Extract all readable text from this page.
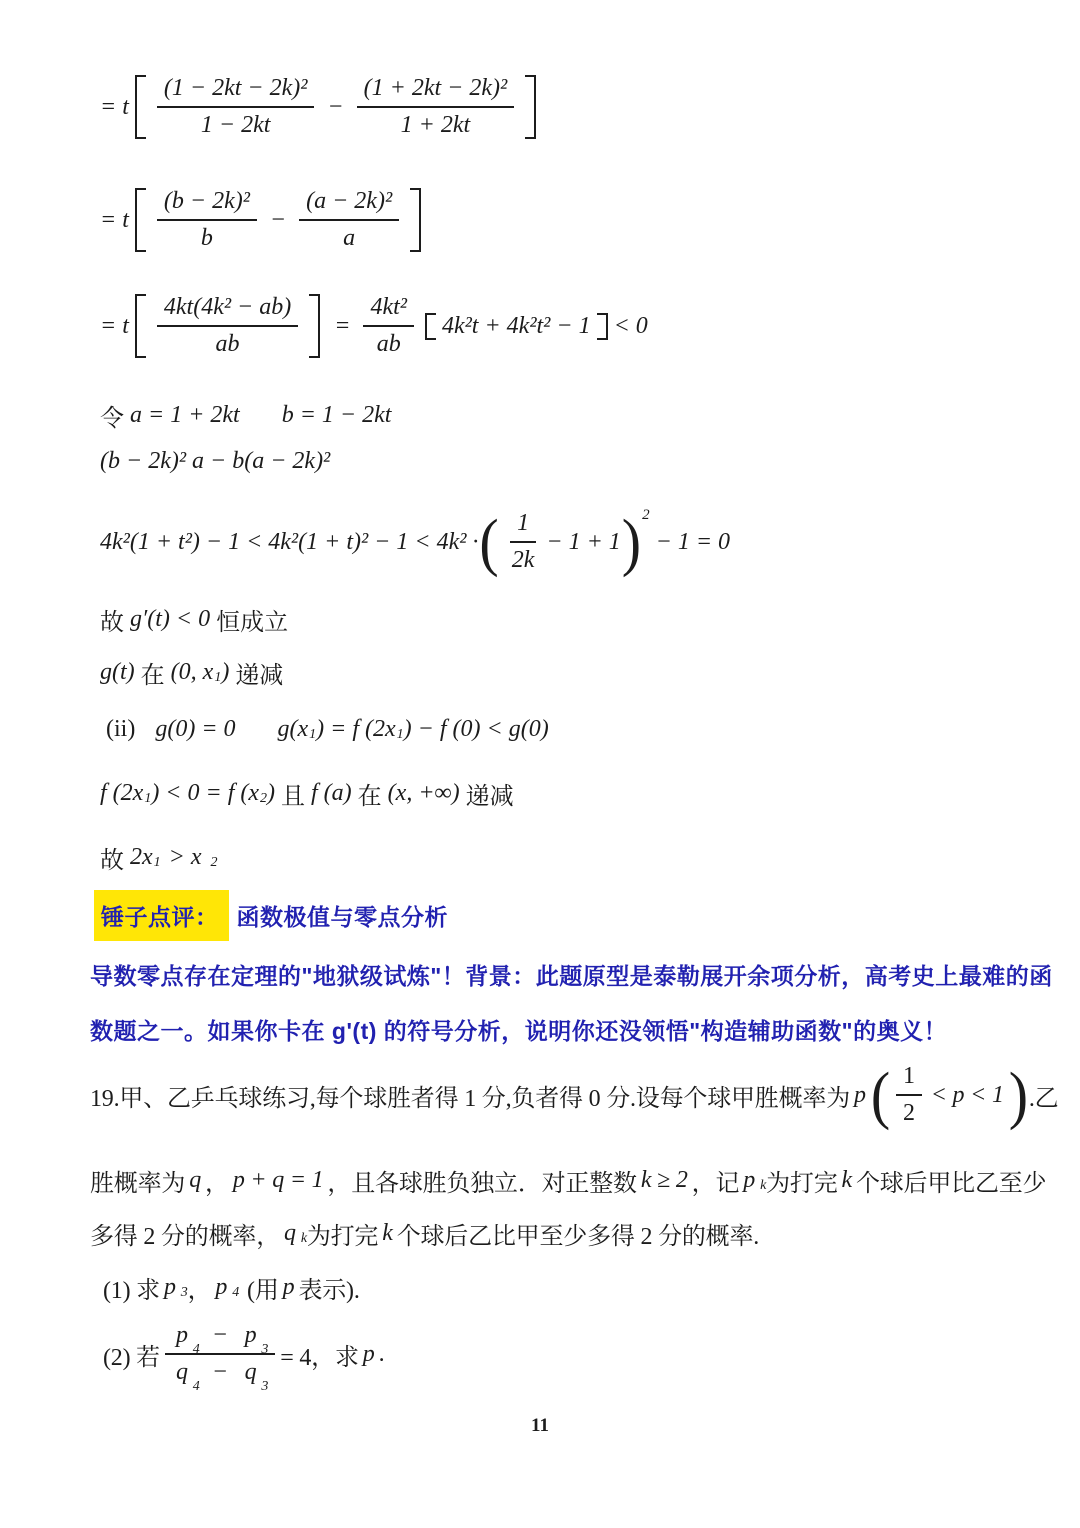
= t $\frac{\text{(1 − 2kt − 2k)²}}{1 - 2kt} - \frac{\text{(1 + 2kt − 2k)²}}{1 + 2kt}$
= t $\frac{\text{(b − 2k)²}}{b} - \frac{\text{(a − 2k)²}}{a}$
= t $\frac{\text{4kt(4k² − ab)}}{ab} = \frac{\text{4kt²}}{ab} 4k^2t + 4k^2t^2 - 1 < 0$
令 a = 1 + 2kt b = 1 − 2kt
(b − 2k)² a − b(a − 2k)²
4k²(1 + t²) − 1 < 4k²(1 + t)² − 1 < 4k² · ( $\frac{1}{2k} - 1 + 1$ ) 2
− 1 = 0
故 g′(t) < 0 恒成立
g(t) 在 (0, $x_1$ ) 递减
(ii) g(0) = 0 $g(x_1$ ) = f ($2x_1$ ) − f (0) < g(0)
f ($2x_1$ ) < 0 = f ($x_2$ ) 且 f (a) 在 (x, +∞) 递减
故 $2x_1 > x$ $_2$
锤子点评： 函数极值与零点分析
导数零点存在定理的"地狱级试炼"！背景：此题原型是泰勒展开余项分析，高考史上最难的函
数题之一。如果你卡在 g'(t) 的符号分析，说明你还没领悟"构造辅助函数"的奥义！
19.甲、乙乒乓球练习,每个球胜者得 1 分,负者得 0 分.设每个球甲胜概率为 p ( $\frac{1}{2} < p < 1$ ) .乙
胜概率为 q ， p + q = 1 ，且各球胜负独立．对正整数 k ≥ 2 ，记 p $_k$ 为打完 k 个球后甲比乙至少
多得 2 分的概率， q $_k$ 为打完 k 个球后乙比甲至少多得 2 分的概率.
(1) 求 p $_3$ ， p $_4$ (用 p 表示).
(2) 若 $\frac{p_4 - p_3}{q_4 - q_3} = 4$，求 p .
11
